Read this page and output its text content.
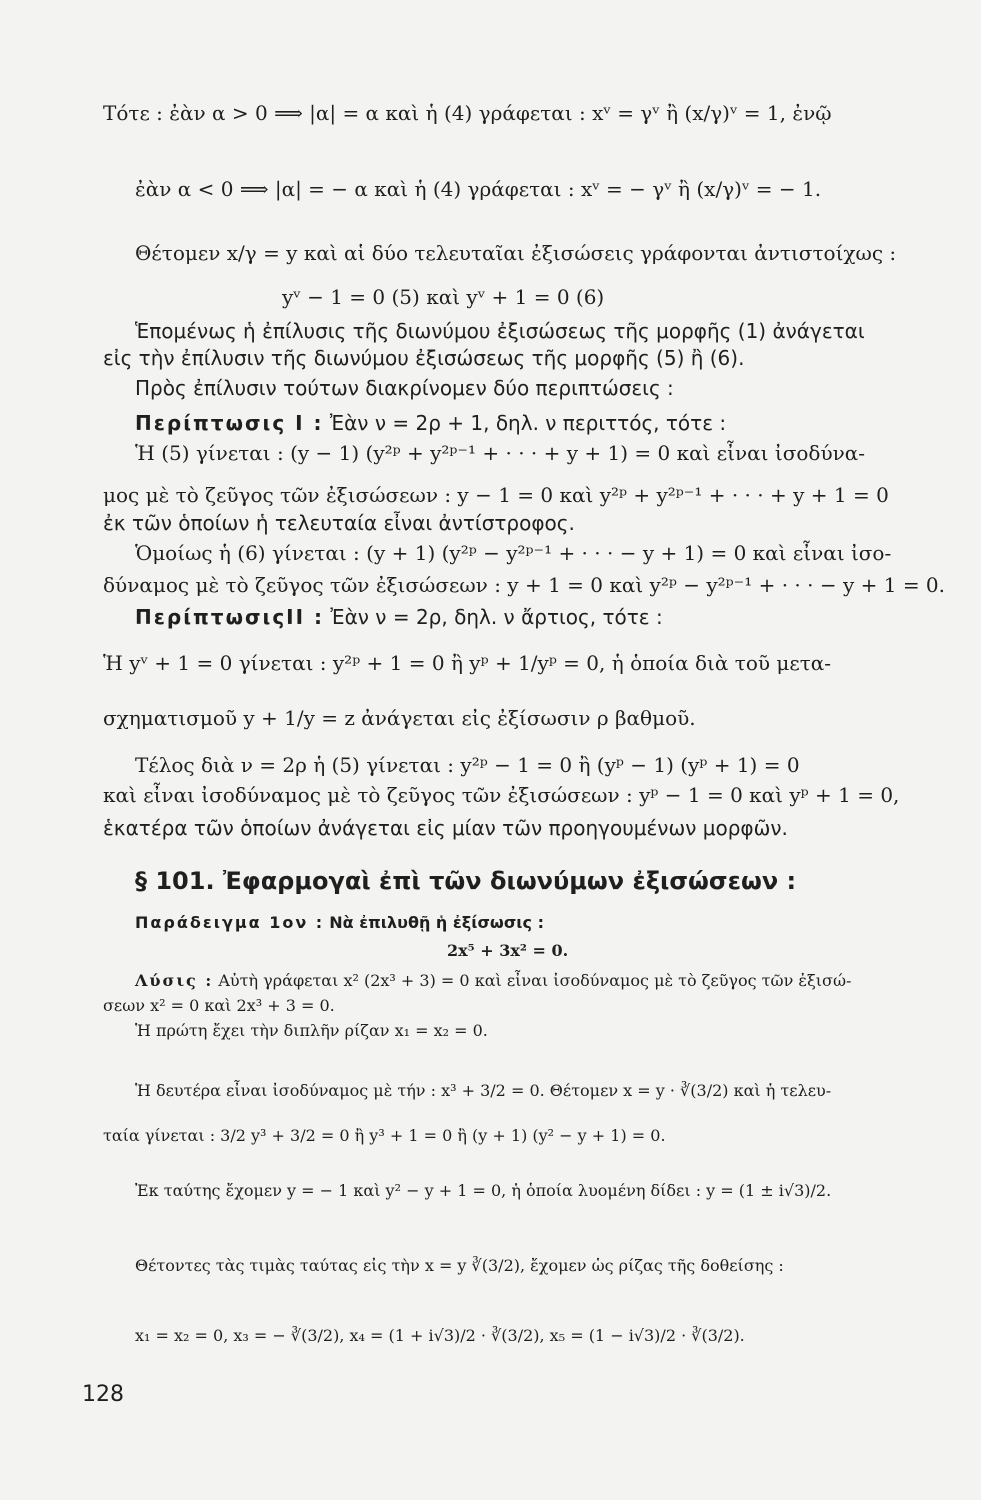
Τότε : ἐὰν α > 0 ⟹ |α| = α καὶ ἡ (4) γράφεται : xᵛ = γᵛ ἢ (x/γ)ᵛ = 1, ἐνῷ
ἐὰν α < 0 ⟹ |α| = − α καὶ ἡ (4) γράφεται : xᵛ = − γᵛ ἢ (x/γ)ᵛ = − 1.
Θέτομεν x/γ = y καὶ αἱ δύο τελευταῖαι ἐξισώσεις γράφονται ἀντιστοίχως :
yᵛ − 1 = 0 (5) καὶ yᵛ + 1 = 0 (6)
Ἑπομένως ἡ ἐπίλυσις τῆς διωνύμου ἐξισώσεως τῆς μορφῆς (1) ἀνάγεται
εἰς τὴν ἐπίλυσιν τῆς διωνύμου ἐξισώσεως τῆς μορφῆς (5) ἢ (6).
Πρὸς ἐπίλυσιν τούτων διακρίνομεν δύο περιπτώσεις :
Περίπτωσις Ι : Ἐὰν ν = 2ρ + 1, δηλ. ν περιττός, τότε :
Ἡ (5) γίνεται : (y − 1) (y²ᵖ + y²ᵖ⁻¹ + · · · + y + 1) = 0 καὶ εἶναι ἰσοδύνα-
μος μὲ τὸ ζεῦγος τῶν ἐξισώσεων : y − 1 = 0 καὶ y²ᵖ + y²ᵖ⁻¹ + · · · + y + 1 = 0
ἐκ τῶν ὁποίων ἡ τελευταία εἶναι ἀντίστροφος.
Ὁμοίως ἡ (6) γίνεται : (y + 1) (y²ᵖ − y²ᵖ⁻¹ + · · · − y + 1) = 0 καὶ εἶναι ἰσο-
δύναμος μὲ τὸ ζεῦγος τῶν ἐξισώσεων : y + 1 = 0 καὶ y²ᵖ − y²ᵖ⁻¹ + · · · − y + 1 = 0.
ΠερίπτωσιςΙΙ : Ἐὰν ν = 2ρ, δηλ. ν ἄρτιος, τότε :
Ἡ yᵛ + 1 = 0 γίνεται : y²ᵖ + 1 = 0 ἢ yᵖ + 1/yᵖ = 0, ἡ ὁποία διὰ τοῦ μετα-
σχηματισμοῦ y + 1/y = z ἀνάγεται εἰς ἐξίσωσιν ρ βαθμοῦ.
Τέλος διὰ ν = 2ρ ἡ (5) γίνεται : y²ᵖ − 1 = 0 ἢ (yᵖ − 1) (yᵖ + 1) = 0
καὶ εἶναι ἰσοδύναμος μὲ τὸ ζεῦγος τῶν ἐξισώσεων : yᵖ − 1 = 0 καὶ yᵖ + 1 = 0,
ἑκατέρα τῶν ὁποίων ἀνάγεται εἰς μίαν τῶν προηγουμένων μορφῶν.
§ 101. Ἐφαρμογαὶ ἐπὶ τῶν διωνύμων ἐξισώσεων :
Παράδειγμα 1ον : Νὰ ἐπιλυθῇ ἡ ἐξίσωσις :
2x⁵ + 3x² = 0.
Λύσις : Αὐτὴ γράφεται x² (2x³ + 3) = 0 καὶ εἶναι ἰσοδύναμος μὲ τὸ ζεῦγος τῶν ἐξισώ-
σεων x² = 0 καὶ 2x³ + 3 = 0.
Ἡ πρώτη ἔχει τὴν διπλῆν ρίζαν x₁ = x₂ = 0.
Ἡ δευτέρα εἶναι ἰσοδύναμος μὲ τήν : x³ + 3/2 = 0. Θέτομεν x = y · ∛(3/2) καὶ ἡ τελευ-
ταία γίνεται : 3/2 y³ + 3/2 = 0 ἢ y³ + 1 = 0 ἢ (y + 1) (y² − y + 1) = 0.
Ἐκ ταύτης ἔχομεν y = − 1 καὶ y² − y + 1 = 0, ἡ ὁποία λυομένη δίδει : y = (1 ± i√3)/2.
Θέτοντες τὰς τιμὰς ταύτας εἰς τὴν x = y ∛(3/2), ἔχομεν ὡς ρίζας τῆς δοθείσης :
x₁ = x₂ = 0, x₃ = − ∛(3/2), x₄ = (1 + i√3)/2 · ∛(3/2), x₅ = (1 − i√3)/2 · ∛(3/2).
128
